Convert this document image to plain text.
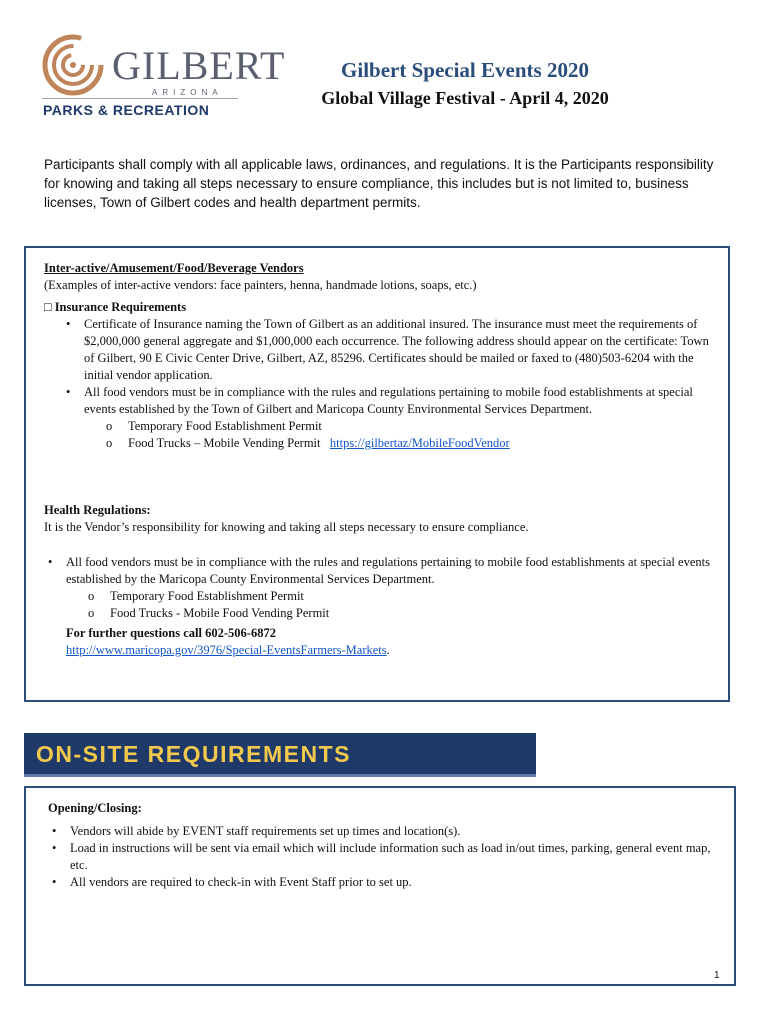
GILBERT
ARIZONA
PARKS & RECREATION
Gilbert Special Events 2020
Global Village Festival - April 4, 2020
Participants shall comply with all applicable laws, ordinances, and regulations. It is the Participants responsibility for knowing and taking all steps necessary to ensure compliance, this includes but is not limited to, business licenses, Town of Gilbert codes and health department permits.
Inter-active/Amusement/Food/Beverage Vendors
(Examples of inter-active vendors: face painters, henna, handmade lotions, soaps, etc.)
□ Insurance Requirements
• Certificate of Insurance naming the Town of Gilbert as an additional insured. The insurance must meet the requirements of $2,000,000 general aggregate and $1,000,000 each occurrence. The following address should appear on the certificate: Town of Gilbert, 90 E Civic Center Drive, Gilbert, AZ, 85296. Certificates should be mailed or faxed to (480)503-6204 with the initial vendor application.
• All food vendors must be in compliance with the rules and regulations pertaining to mobile food establishments at special events established by the Town of Gilbert and Maricopa County Environmental Services Department.
o Temporary Food Establishment Permit
o Food Trucks – Mobile Vending Permit https://gilbertaz/MobileFoodVendor
Health Regulations:
It is the Vendor’s responsibility for knowing and taking all steps necessary to ensure compliance.
• All food vendors must be in compliance with the rules and regulations pertaining to mobile food establishments at special events established by the Maricopa County Environmental Services Department.
o Temporary Food Establishment Permit
o Food Trucks - Mobile Food Vending Permit
For further questions call 602-506-6872
http://www.maricopa.gov/3976/Special-EventsFarmers-Markets.
ON-SITE REQUIREMENTS
Opening/Closing:
• Vendors will abide by EVENT staff requirements set up times and location(s).
• Load in instructions will be sent via email which will include information such as load in/out times, parking, general event map, etc.
• All vendors are required to check-in with Event Staff prior to set up.
1
